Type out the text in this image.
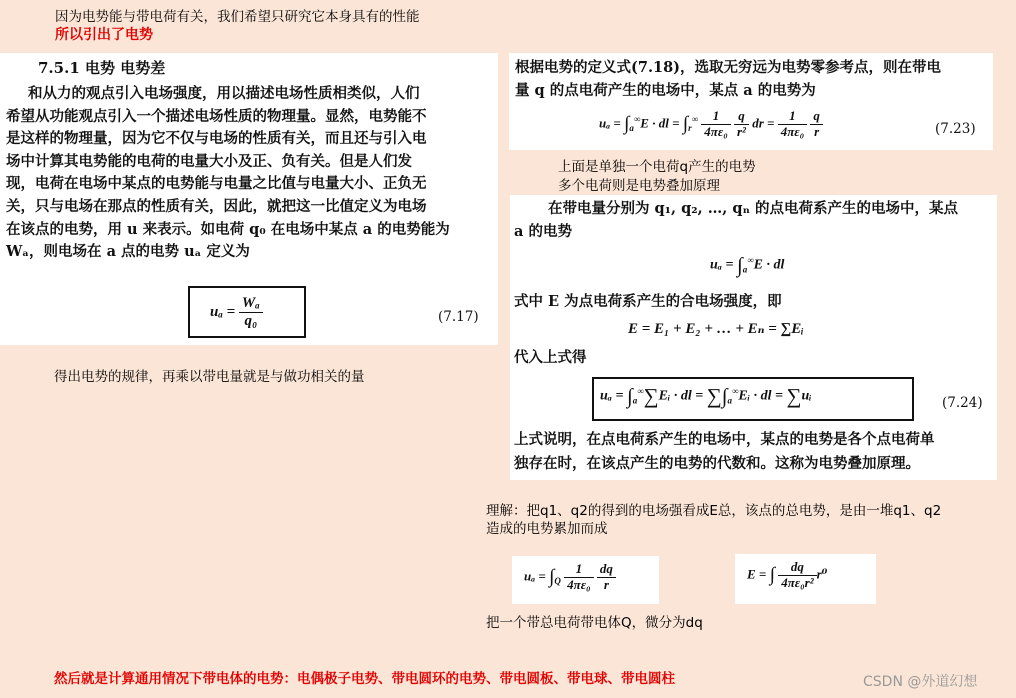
因为电势能与带电荷有关，我们希望只研究它本身具有的性能
所以引出了电势
7.5.1 电势 电势差
和从力的观点引入电场强度，用以描述电场性质相类似，人们
希望从功能观点引入一个描述电场性质的物理量。显然，电势能不
是这样的物理量，因为它不仅与电场的性质有关，而且还与引入电
场中计算其电势能的电荷的电量大小及正、负有关。但是人们发
现，电荷在电场中某点的电势能与电量之比值与电量大小、正负无
关，只与电场在那点的性质有关，因此，就把这一比值定义为电场
在该点的电势，用 u 来表示。如电荷 q₀ 在电场中某点 a 的电势能为
Wₐ，则电场在 a 点的电势 uₐ 定义为
$u_a = \frac{\text{Wₐ}}{\text{q₀}}$	(7.17)
得出电势的规律，再乘以带电量就是与做功相关的量
根据电势的定义式(7.18)，选取无穷远为电势零参考点，则在带电
量 q 的点电荷产生的电场中，某点 a 的电势为
$u_a = \int_a^\infty E$ · dl = $\int_r^\infty \frac{1}{\text{4πε₀}}$
$\frac{q}{\text{r²}}$ dr = $\frac{1}{\text{4πε₀}}$
$\frac{q}{r}$	(7.23)
上面是单独一个电荷q产生的电势
多个电荷则是电势叠加原理
在带电量分别为 q₁, q₂, …, qₙ 的点电荷系产生的电场中，某点
a 的电势
$u_a = \int_a^\infty E$ · dl
式中 E 为点电荷系产生的合电场强度，即
E = E₁ + E₂ + … + Eₙ = ∑Eᵢ
代入上式得
$u_a = \int_a^\infty\sum Eᵢ$ · dl = $\sum\int_a^\infty Eᵢ$ · dl = ∑uᵢ	(7.24)
上式说明，在点电荷系产生的电场中，某点的电势是各个点电荷单
独存在时，在该点产生的电势的代数和。这称为电势叠加原理。
理解：把q1、q2的得到的电场强看成E总，该点的总电势，是由一堆q1、q2
造成的电势累加而成
$u_a = \int_Q \frac{1}{\text{4πε₀}}$
$\frac{dq}{r}$	E = ∫ $\frac{dq}{\text{4πε₀r²}} r^0$
把一个带总电荷带电体Q，微分为dq
然后就是计算通用情况下带电体的电势：电偶极子电势、带电圆环的电势、带电圆板、带电球、带电圆柱	CSDN @外道幻想
